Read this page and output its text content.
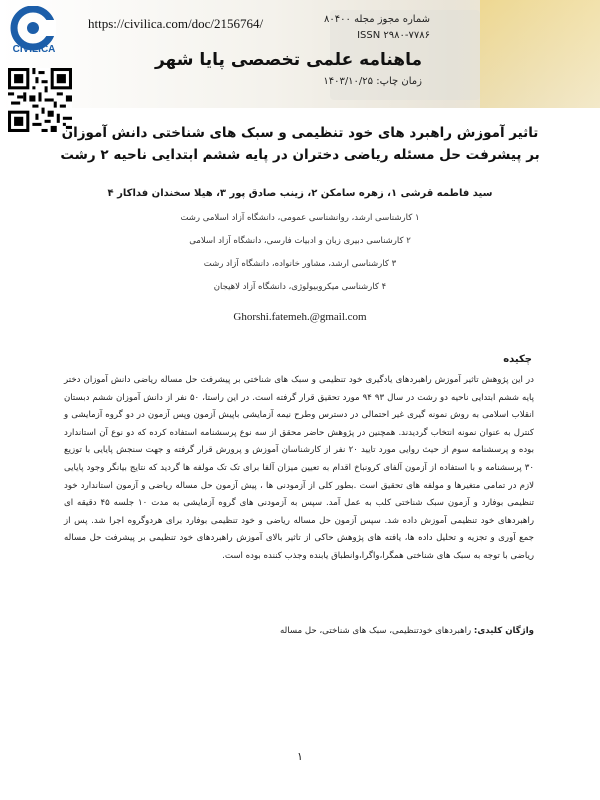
CIVILICA
https://civilica.com/doc/2156764/	شماره مجوز مجله ۸۰۴۰۰
ISSN ۲۹۸۰-۷۷۸۶
ماهنامه علمی تخصصی پایا شهر
زمان چاپ: ۱۴۰۳/۱۰/۲۵
تاثیر آموزش راهبرد های خود تنظیمی و سبک های شناختی دانش آموزان بر پیشرفت حل مسئله ریاضی دختران در پایه ششم ابتدایی ناحیه ۲ رشت
سید فاطمه قرشی ۱، زهره سامکن ۲، زینب صادق پور ۳، هیلا سخندان فداکار ۴
۱ کارشناسی ارشد، روانشناسی عمومی، دانشگاه آزاد اسلامی رشت
۲ کارشناسی دبیری زبان و ادبیات فارسی، دانشگاه آزاد اسلامی
۳ کارشناسی ارشد، مشاور خانواده، دانشگاه آزاد رشت
۴ کارشناسی میکروبیولوژی، دانشگاه آزاد لاهیجان
Ghorshi.fatemeh.@gmail.com
چکیده
در این پژوهش تاثیر آموزش راهبردهای یادگیری خود تنظیمی و سبک های شناختی بر پیشرفت حل مساله ریاضی دانش آموزان دختر پایه ششم ابتدایی ناحیه دو رشت در سال ۹۳ ۹۴ مورد تحقیق قرار گرفته است. در این راستا، ۵۰ نفر از دانش آموزان ششم دبستان انقلاب اسلامی به روش نمونه گیری غیر احتمالی در دسترس وطرح نیمه آزمایشی باپیش آزمون وپس آزمون در دو گروه آزمایشی و کنترل به عنوان نمونه انتخاب گردیدند. همچنین در پژوهش حاضر محقق از سه نوع پرسشنامه استفاده کرده که دو نوع آن استاندارد بوده و پرسشنامه سوم از حیث روایی مورد تایید ۲۰ نفر از کارشناسان آموزش و پرورش قرار گرفته و جهت سنجش پایایی با توزیع ۳۰ پرسشنامه و با استفاده از آزمون آلفای کرونباخ اقدام به تعیین میزان آلفا برای تک تک مولفه ها گردید که نتایج بیانگر وجود پایایی لازم در تمامی متغیرها و مولفه های تحقیق است .بطور کلی از آزمودنی ها ، پیش آزمون حل مساله ریاضی و آزمون استاندارد خود تنظیمی بوفارد و آزمون سبک شناختی کلب به عمل آمد. سپس به آزمودنی های گروه آزمایشی به مدت ۱۰ جلسه ۴۵ دقیقه ای راهبردهای خود تنظیمی آموزش داده شد. سپس آزمون حل مساله ریاضی و خود تنظیمی بوفارد برای هردوگروه اجرا شد. پس از جمع آوری و تجزیه و تحلیل داده ها، یافته های پژوهش حاکی از تاثیر بالای آموزش راهبردهای خود تنظیمی بر پیشرفت حل مساله ریاضی با توجه به سبک های شناختی همگرا،واگرا،وانطباق یابنده وجذب کننده بوده است.
واژگان کلیدی: راهبردهای خودتنظیمی، سبک های شناختی، حل مساله
۱
